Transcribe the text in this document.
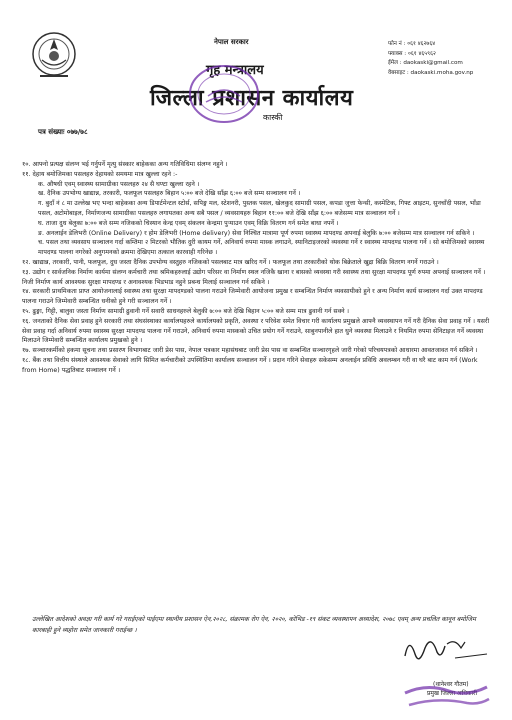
नेपाल सरकार
गृह मन्त्रालय
जिल्ला प्रशासन कार्यालय
कास्की
फोन नं : ०६१ ४६२७६४
फ्याक्स : ०६१ ४६५९६२
ईमेल : daokaski@gmail.com
वेबसाइट : daokaski.moha.gov.np
पत्र संख्याः ०७७/७८

१०. आफ्नो प्रत्यक्ष संलग्न भई गर्नुपर्ने मृत्यु संस्कार बाहेकका अन्य गतिविधिमा संलग्न नहुने ।

११. देहाय बमोजिमका पसलहरु देहायको समयमा मात्र खुल्ला रहने :-

क. औषधी एवम् स्वास्थ्य सामाग्रीका पसलहरु २४ सै घण्टा खुल्ला रहने ।

ख. दैनिक उपभोग्य खाद्यान्न, तरकारी, फलफूल पसलहरु बिहान ५:०० बजे देखि साँझ ६:०० बजे सम्म सञ्चालन गर्ने ।

ग. बुदाँ नं ८ मा उल्लेख भए भन्दा बाहेकका अन्य डिपार्टमेन्टल स्टोर्स, सपिङ्ग मल, स्टेशनरी, पुस्तक पसल, खेलकुद सामाग्री पसल, कपडा जुत्ता फेन्सी, कस्मेटिक, गिफ्ट आइटम, सुनचाँदी पसल, भाँडा पसल, अटोमोबाइल, निर्माणजन्य सामाग्रीका पसलहरु लगायतका अन्य सबै पसल / व्यवसायहरु बिहान ११:०० बजे देखि साँझ ६:०० बजेसम्म मात्र सञ्चालन गर्ने ।

घ. ताजा दुध बेलुका ७:०० बजे सम्म नजिकको चिस्यान केन्द्र एवम् संकलन केन्द्रमा पुऱ्याउन एवम् विक्रि वितरण गर्न समेत बाधा नपर्ने ।

ङ. अनलाईन डेलिभरी (Online Delivery) र होम डेलिभरी (Home delivery) सेवा निश्चित मात्रामा पूर्ण रुपमा स्वास्थ्य मापदण्ड अपनाई बेलुकि ७:०० बजेसम्म मात्र सञ्चालन गर्न सकिने ।

च. पसल तथा व्यवसाय सञ्चालन गर्दा कम्तिमा २ मिटरको भौतिक दुरी कायम गर्ने, अनिवार्य रुपमा मास्क लगाउने, स्यानिटाइजरको व्यवस्था गर्ने र स्वास्थ्य मापदण्ड पालना गर्ने । सो बमोजिमको स्वास्थ्य मापदण्ड पालना नगरेको अनुगमनको क्रममा देखिएमा तत्काल कारवाही गरिनेछ ।

१२. खाद्यान्न, तरकारी, पानी, फलफूल, दुध जस्ता दैनिक उपभोग्य वस्तुहरु नजिकको पसलबाट मात्र खरिद गर्ने । फलफूल तथा तरकारीको थोक बिक्रेताले खुद्रा बिक्रि वितरण नगर्ने गराउने ।

१३. उद्योग र सार्वजनिक निर्माण कार्यमा संलग्न कर्मचारी तथा श्रमिकहरुलाई उद्योग परिसर वा निर्माण स्थल नजिकै खाना र बासको व्यवस्था गरी स्वास्थ्य तथा सुरक्षा मापदण्ड पूर्ण रुपमा अपनाई सञ्चालन गर्ने । निजी निर्माण कार्य आवश्यक सुरक्षा मापदण्ड र अनावश्यक भिडभाड नहुने प्रबन्ध मिलाई सञ्चालन गर्न सकिने ।

१४. सरकारी प्राथमिकता प्राप्त आयोजनालाई स्वास्थ्य तथा सुरक्षा मापदण्डको पालना गराउने जिम्मेवारी आयोजना प्रमुख र सम्बन्धित निर्माण व्यवसायीको हुने र अन्य निर्माण कार्य सञ्चालन गर्दा उक्त मापदण्ड पालना गराउने जिम्मेवारी सम्बन्धित धनीको हुने गरी सञ्चालन गर्ने ।

१५. ढुङ्गा, गिट्टी, बालुवा जस्ता निर्माण सामाग्री ढुवानी गर्ने सवारी साधनहरुले बेलुकी ७:०० बजे देखि बिहान ५:०० बजे सम्म मात्र ढुवानी गर्न सक्ने ।

१६. जनताको दैनिक सेवा प्रवाह हुने सरकारी तथा संघसंस्थाका कार्यालयहरुले कार्यालयको प्रकृति, अवस्था र परिवेश समेत विचार गरी कार्यालय प्रमुखले आफ्नै व्यवस्थापन गर्ने गरी दैनिक सेवा प्रवाह गर्ने । यसरी सेवा प्रवाह गर्दा अनिवार्य रुपमा स्वास्थ्य सुरक्षा मापदण्ड पालना गर्ने गराउने, अनिवार्य रुपमा मास्कको उचित प्रयोग गर्ने गराउने, साबुनपानीले हात धुने व्यवस्था मिलाउने र नियमित रुपमा सेनिटाइज गर्ने व्यवस्था मिलाउने जिम्मेवारी सम्बन्धित कार्यालय प्रमुखको हुने ।

१७. सञ्चारकर्मीको हकमा सूचना तथा प्रसारण विभागबाट जारी प्रेस पास, नेपाल पत्रकार महासंघबाट जारी प्रेस पास वा सम्बन्धित सञ्चारगृहले जारी गरेको परिचयपत्रको आधारमा आवतजावत गर्न सकिने ।

१८. बैंक तथा वित्तीय संस्थाले आवश्यक सेवाको लागि सिमित कर्मचारीको उपस्थितिमा कार्यालय सञ्चालन गर्ने । प्रदान गरिने सेवाहरु सकेसम्म अनलाईन प्रविधि अवलम्बन गरी वा घरै बाट काम गर्न (Work from Home) पद्धतिबाट सञ्चालन गर्ने ।

उल्लेखित आदेशको अवज्ञा गरी कार्य गरे गराईएको पाईएमा स्थानीय प्रशासन ऐन,२०२८, संक्रामक रोग ऐन, २०२०, कोभिड -१९ संकट व्यवस्थापन अध्यादेश, २०७८ एवम् अन्य प्रचलित कानून बमोजिम कारबाही हुने व्यहोरा समेत जानकारी गराईन्छ ।
(थानेश्वर गौतम)
प्रमुख जिल्ला अधिकारी
